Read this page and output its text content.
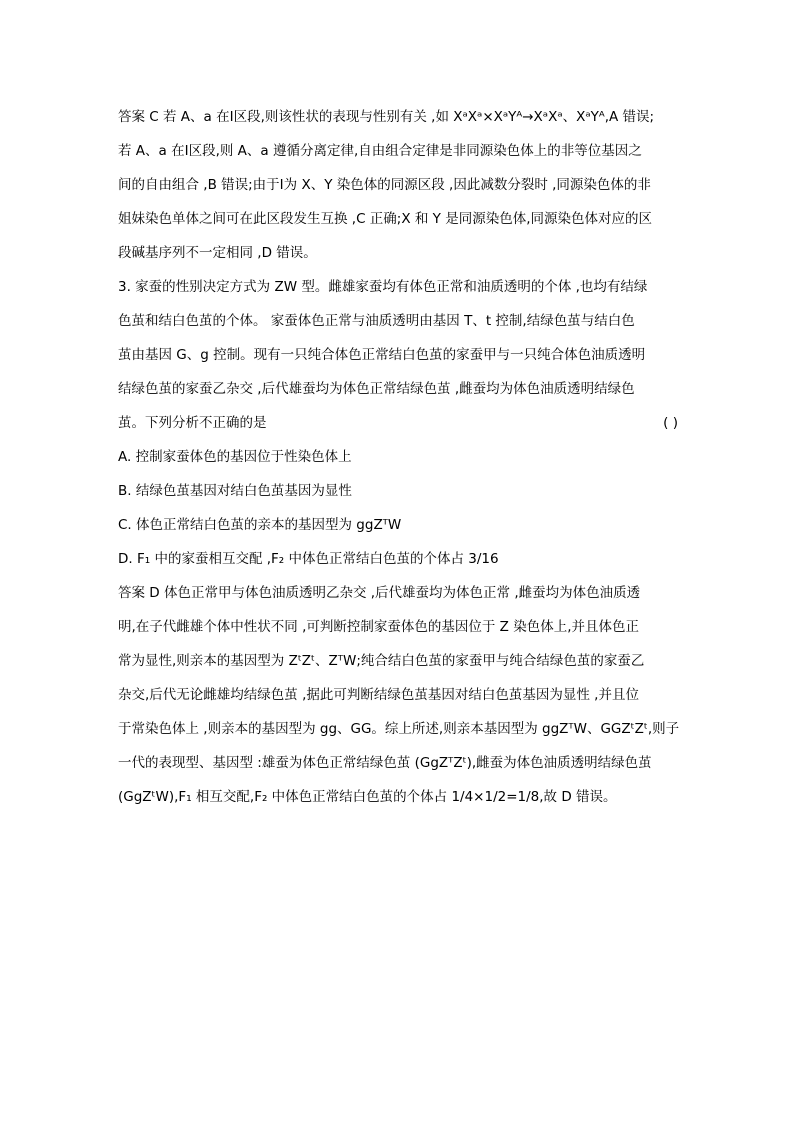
答案 C 若 A、a 在Ⅰ区段,则该性状的表现与性别有关 ,如 XᵃXᵃ×XᵃYᴬ→XᵃXᵃ、XᵃYᴬ,A 错误;
若 A、a 在Ⅰ区段,则 A、a 遵循分离定律,自由组合定律是非同源染色体上的非等位基因之
间的自由组合 ,B 错误;由于Ⅰ为 X、Y 染色体的同源区段 ,因此减数分裂时 ,同源染色体的非
姐妹染色单体之间可在此区段发生互换 ,C 正确;X 和 Y 是同源染色体,同源染色体对应的区
段碱基序列不一定相同 ,D 错误。
3. 家蚕的性别决定方式为 ZW 型。雌雄家蚕均有体色正常和油质透明的个体 ,也均有结绿
色茧和结白色茧的个体。 家蚕体色正常与油质透明由基因 T、t 控制,结绿色茧与结白色
茧由基因 G、g 控制。现有一只纯合体色正常结白色茧的家蚕甲与一只纯合体色油质透明
结绿色茧的家蚕乙杂交 ,后代雄蚕均为体色正常结绿色茧 ,雌蚕均为体色油质透明结绿色
茧。下列分析不正确的是	( )
A. 控制家蚕体色的基因位于性染色体上
B. 结绿色茧基因对结白色茧基因为显性
C. 体色正常结白色茧的亲本的基因型为 ggZᵀW
D. F₁ 中的家蚕相互交配 ,F₂ 中体色正常结白色茧的个体占 3/16
答案 D 体色正常甲与体色油质透明乙杂交 ,后代雄蚕均为体色正常 ,雌蚕均为体色油质透
明,在子代雌雄个体中性状不同 ,可判断控制家蚕体色的基因位于 Z 染色体上,并且体色正
常为显性,则亲本的基因型为 ZᵗZᵗ、ZᵀW;纯合结白色茧的家蚕甲与纯合结绿色茧的家蚕乙
杂交,后代无论雌雄均结绿色茧 ,据此可判断结绿色茧基因对结白色茧基因为显性 ,并且位
于常染色体上 ,则亲本的基因型为 gg、GG。综上所述,则亲本基因型为 ggZᵀW、GGZᵗZᵗ,则子
一代的表现型、基因型 :雄蚕为体色正常结绿色茧 (GgZᵀZᵗ),雌蚕为体色油质透明结绿色茧
(GgZᵗW),F₁ 相互交配,F₂ 中体色正常结白色茧的个体占 1/4×1/2=1/8,故 D 错误。
